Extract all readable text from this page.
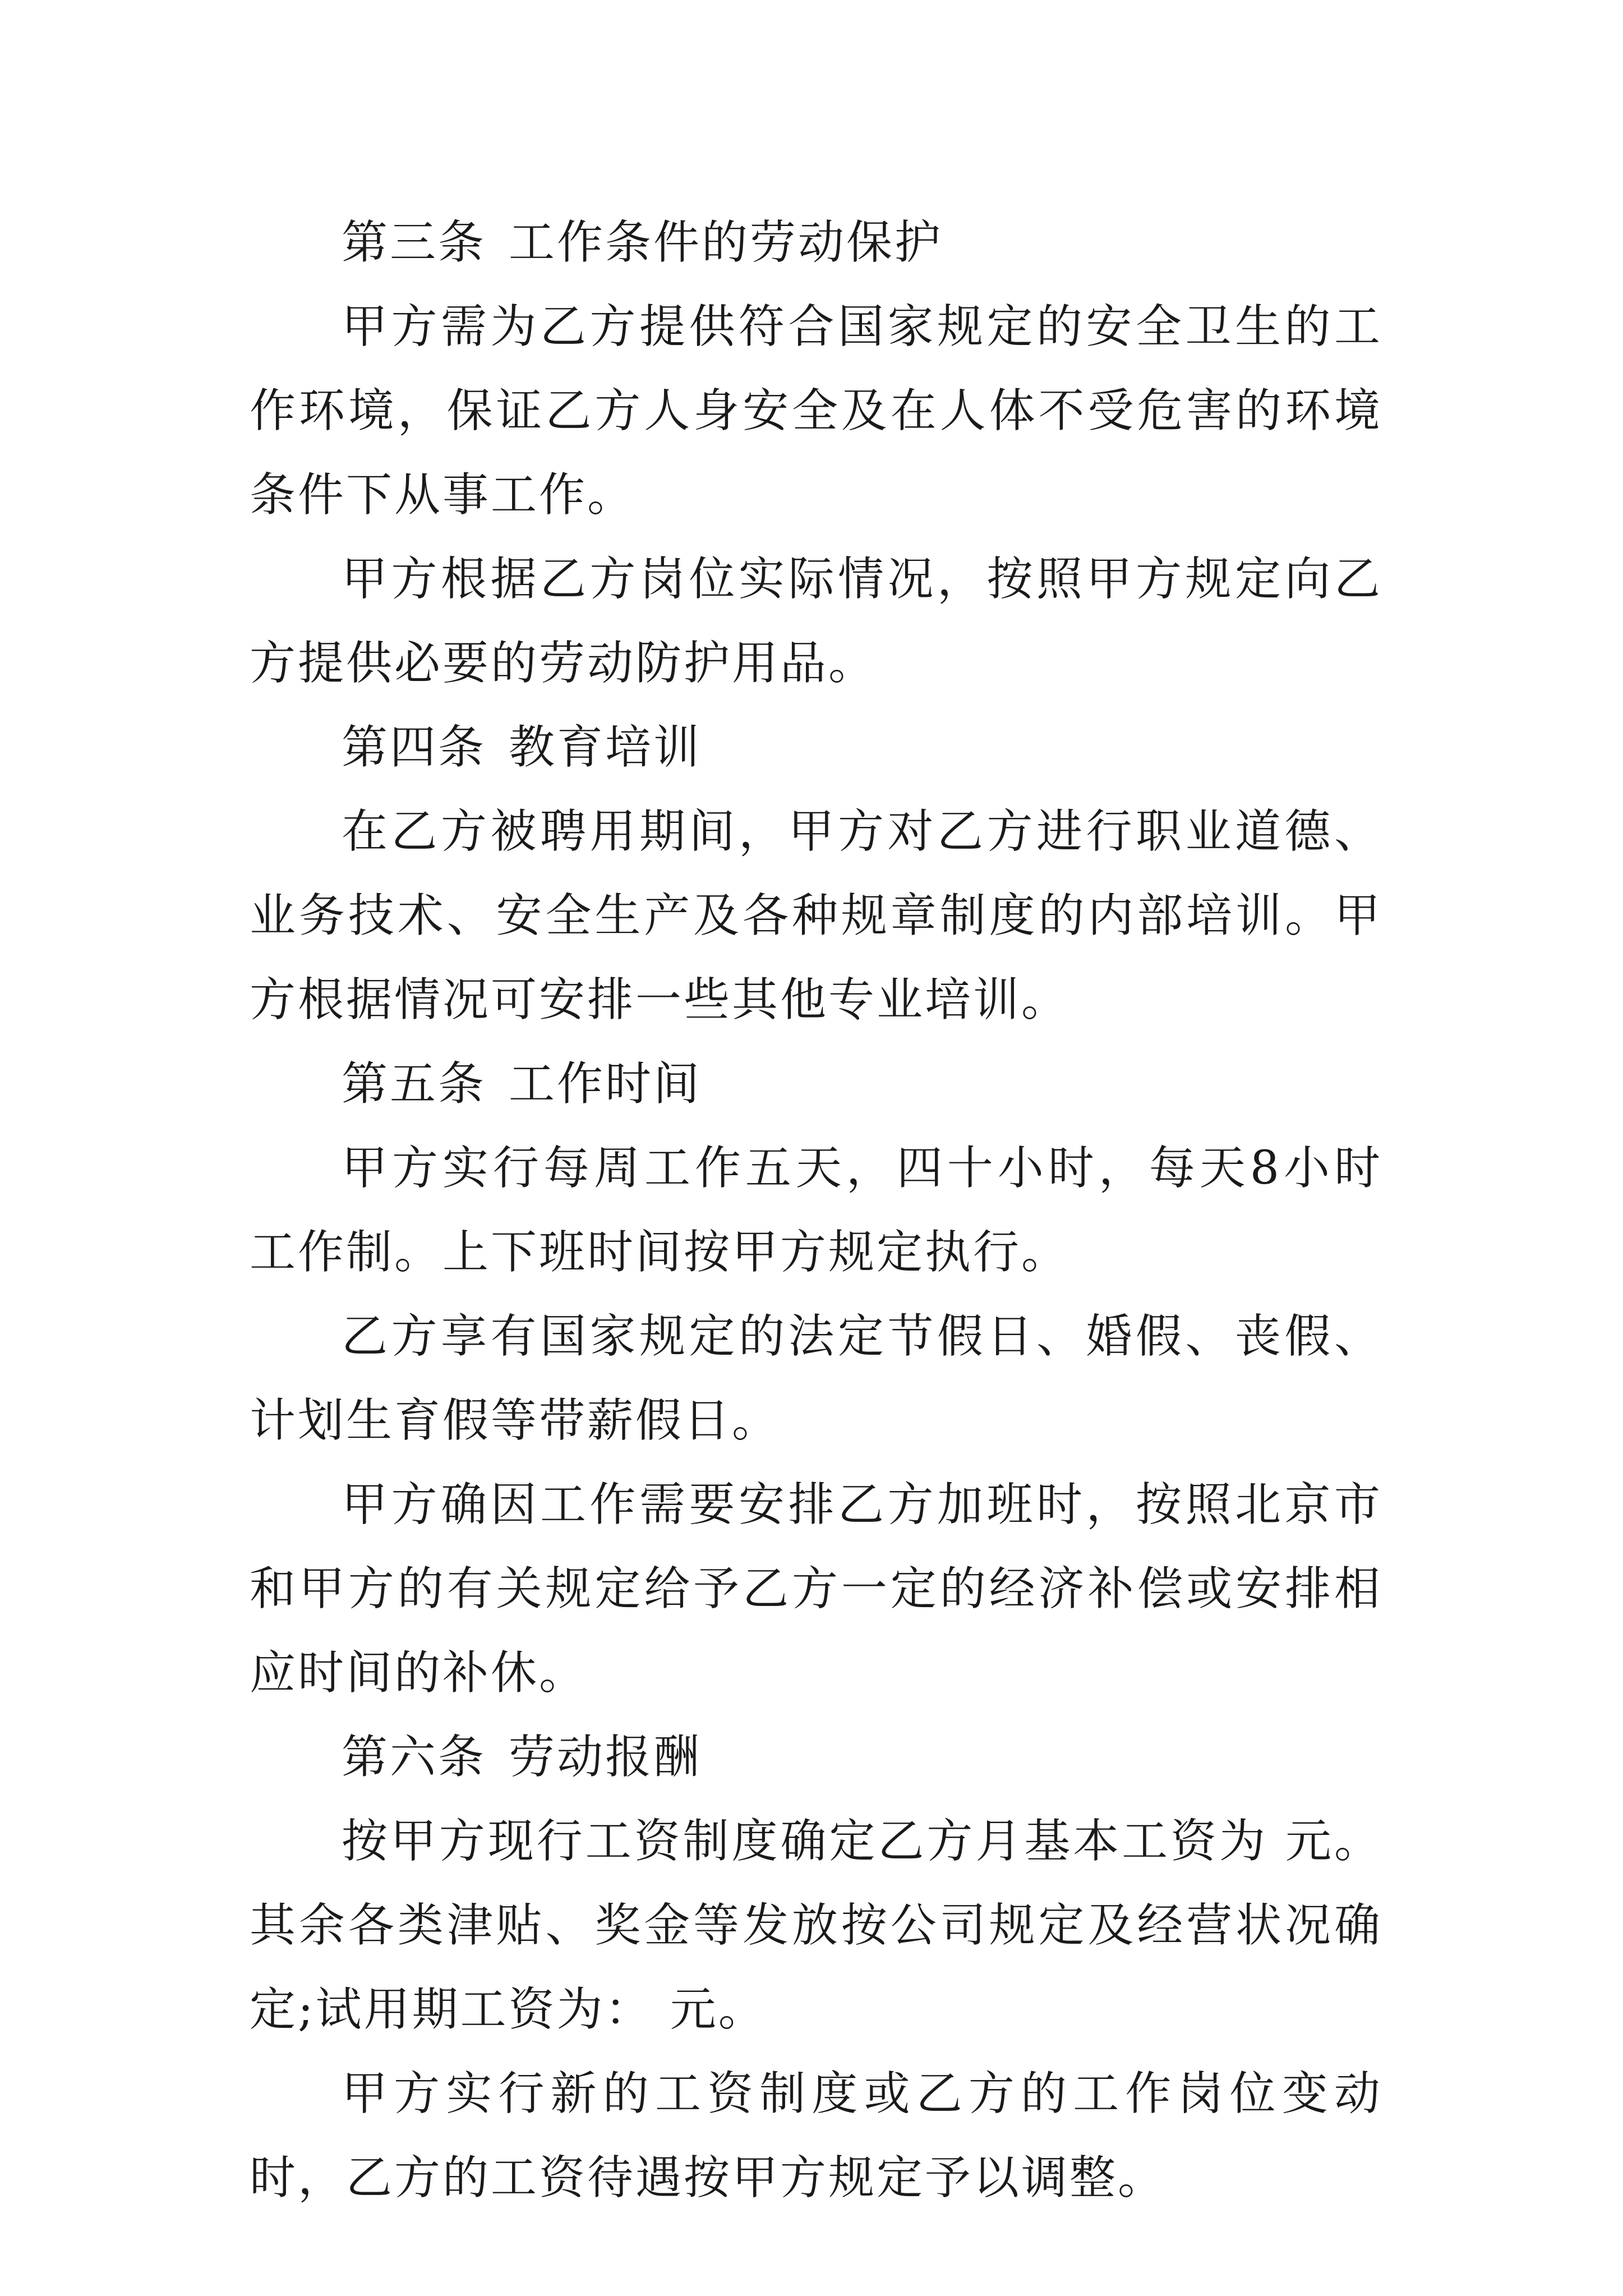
第三条 工作条件的劳动保护

甲方需为乙方提供符合国家规定的安全卫生的工作环境，保证乙方人身安全及在人体不受危害的环境条件下从事工作。

甲方根据乙方岗位实际情况，按照甲方规定向乙方提供必要的劳动防护用品。

第四条 教育培训

在乙方被聘用期间，甲方对乙方进行职业道德、业务技术、安全生产及各种规章制度的内部培训。甲方根据情况可安排一些其他专业培训。

第五条 工作时间

甲方实行每周工作五天，四十小时，每天8小时工作制。上下班时间按甲方规定执行。

乙方享有国家规定的法定节假日、婚假、丧假、计划生育假等带薪假日。

甲方确因工作需要安排乙方加班时，按照北京市和甲方的有关规定给予乙方一定的经济补偿或安排相应时间的补休。

第六条 劳动报酬

按甲方现行工资制度确定乙方月基本工资为 元。其余各类津贴、奖金等发放按公司规定及经营状况确定;试用期工资为： 元。

甲方实行新的工资制度或乙方的工作岗位变动时，乙方的工资待遇按甲方规定予以调整。
